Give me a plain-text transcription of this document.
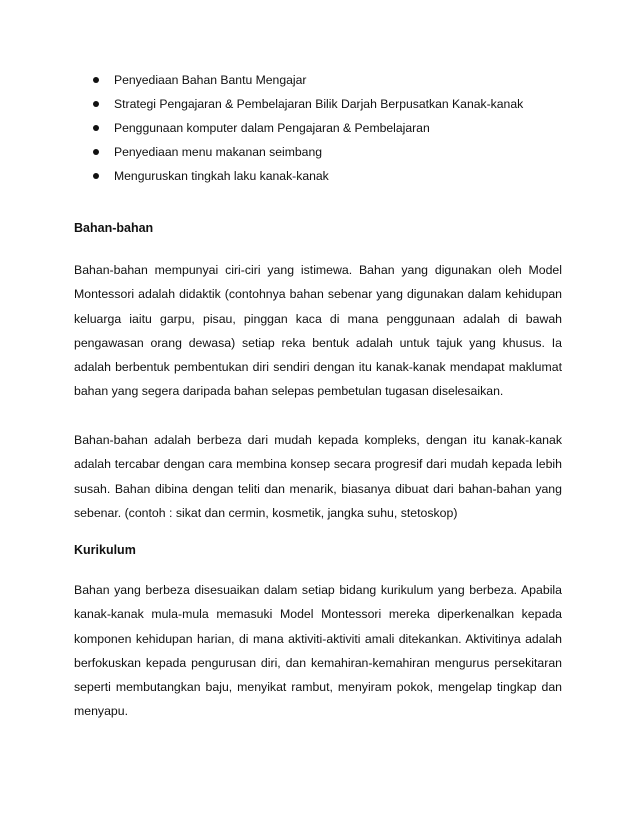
Penyediaan Bahan Bantu Mengajar
Strategi Pengajaran & Pembelajaran Bilik Darjah Berpusatkan Kanak-kanak
Penggunaan komputer dalam Pengajaran & Pembelajaran
Penyediaan menu makanan seimbang
Menguruskan tingkah laku kanak-kanak
Bahan-bahan

Bahan-bahan mempunyai ciri-ciri yang istimewa. Bahan yang digunakan oleh Model Montessori adalah didaktik (contohnya bahan sebenar yang digunakan dalam kehidupan keluarga iaitu garpu, pisau, pinggan kaca di mana penggunaan adalah di bawah pengawasan orang dewasa) setiap reka bentuk adalah untuk tajuk yang khusus. Ia adalah berbentuk pembentukan diri sendiri dengan itu kanak-kanak mendapat maklumat bahan yang segera daripada bahan selepas pembetulan tugasan diselesaikan.

Bahan-bahan adalah berbeza dari mudah kepada kompleks, dengan itu kanak-kanak adalah tercabar dengan cara membina konsep secara progresif dari mudah kepada lebih susah. Bahan dibina dengan teliti dan menarik, biasanya dibuat dari bahan-bahan yang sebenar. (contoh : sikat dan cermin, kosmetik, jangka suhu, stetoskop)

Kurikulum

Bahan yang berbeza disesuaikan dalam setiap bidang kurikulum yang berbeza. Apabila kanak-kanak mula-mula memasuki Model Montessori mereka diperkenalkan kepada komponen kehidupan harian, di mana aktiviti-aktiviti amali ditekankan. Aktivitinya adalah berfokuskan kepada pengurusan diri, dan kemahiran-kemahiran mengurus persekitaran seperti membutangkan baju, menyikat rambut, menyiram pokok, mengelap tingkap dan menyapu.
